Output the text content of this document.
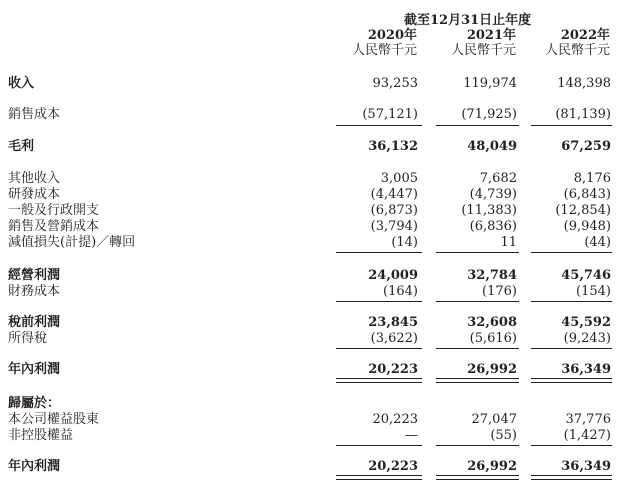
截至12月31日止年度
2020年	2021年	2022年
人民幣千元	人民幣千元	人民幣千元
收入	93,253	119,974	148,398
銷售成本	(57,121)	(71,925)	(81,139)
毛利	36,132	48,049	67,259
其他收入	3,005	7,682	8,176
研發成本	(4,447)	(4,739)	(6,843)
一般及行政開支	(6,873)	(11,383)	(12,854)
銷售及營銷成本	(3,794)	(6,836)	(9,948)
減值損失(計提)／轉回	(14)	11	(44)
經營利潤	24,009	32,784	45,746
財務成本	(164)	(176)	(154)
稅前利潤	23,845	32,608	45,592
所得稅	(3,622)	(5,616)	(9,243)
年內利潤	20,223	26,992	36,349
歸屬於：
本公司權益股東	20,223	27,047	37,776
非控股權益	—	(55)	(1,427)
年內利潤	20,223	26,992	36,349
